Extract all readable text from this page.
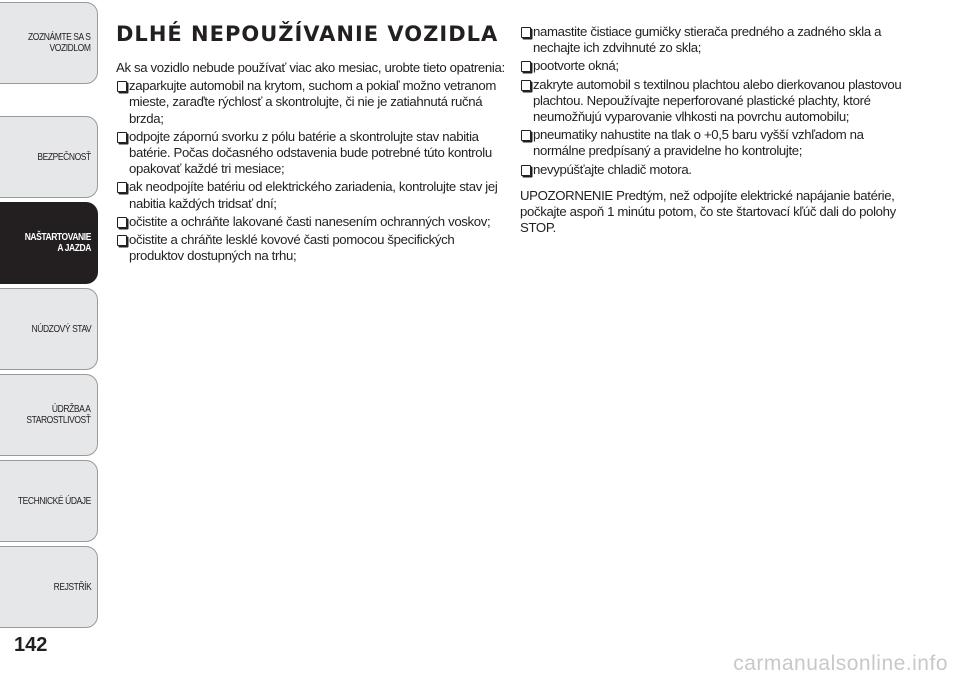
ZOZNÁMTE SA S
VOZIDLOM
BEZPEČNOSŤ
NAŠTARTOVANIE
A JAZDA
NÚDZOVÝ STAV
ÚDRŽBA A
STAROSTLIVOSŤ
TECHNICKÉ ÚDAJE
REJSTŘÍK
142
DLHÉ NEPOUŽÍVANIE VOZIDLA

Ak sa vozidlo nebude používať viac ako mesiac, urobte tieto opatrenia:

zaparkujte automobil na krytom, suchom a pokiaľ možno vetranom mieste, zaraďte rýchlosť a skontrolujte, či nie je zatiahnutá ručná brzda;
odpojte zápornú svorku z pólu batérie a skontrolujte stav nabitia batérie. Počas dočasného odstavenia bude potrebné túto kontrolu opakovať každé tri mesiace;
ak neodpojíte batériu od elektrického zariadenia, kontrolujte stav jej nabitia každých tridsať dní;
očistite a ochráňte lakované časti nanesením ochranných voskov;
očistite a chráňte lesklé kovové časti pomocou špecifických produktov dostupných na trhu;
namastite čistiace gumičky stierača predného a zadného skla a nechajte ich zdvihnuté zo skla;
pootvorte okná;
zakryte automobil s textilnou plachtou alebo dierkovanou plastovou plachtou. Nepoužívajte neperforované plastické plachty, ktoré neumožňujú vyparovanie vlhkosti na povrchu automobilu;
pneumatiky nahustite na tlak o +0,5 baru vyšší vzhľadom na normálne predpísaný a pravidelne ho kontrolujte;
nevypúšťajte chladič motora.

UPOZORNENIE Predtým, než odpojíte elektrické napájanie batérie, počkajte aspoň 1 minútu potom, čo ste štartovací kľúč dali do polohy STOP.

carmanualsonline.info
